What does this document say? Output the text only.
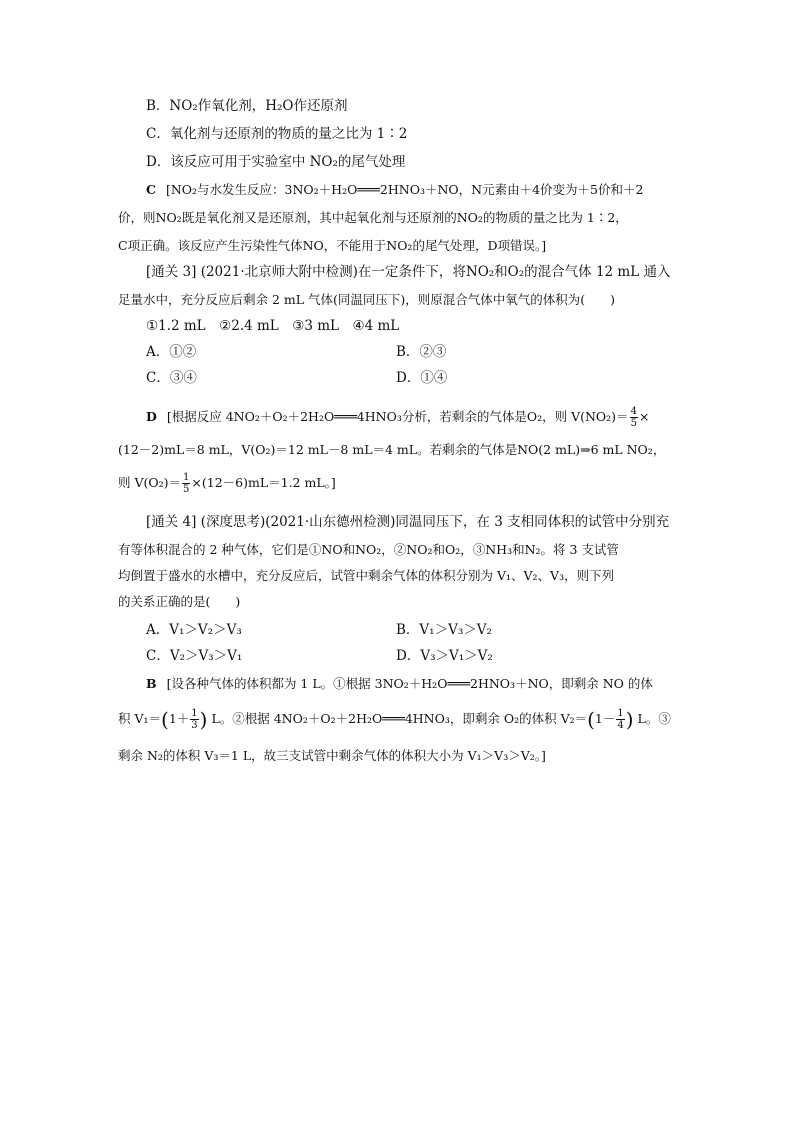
B．NO₂作氧化剂，H₂O作还原剂
C．氧化剂与还原剂的物质的量之比为 1∶2
D．该反应可用于实验室中 NO₂的尾气处理
C [NO₂与水发生反应：3NO₂＋H₂O═══2HNO₃＋NO，N元素由＋4价变为＋5价和＋2
价，则NO₂既是氧化剂又是还原剂，其中起氧化剂与还原剂的NO₂的物质的量之比为 1∶2，
C项正确。该反应产生污染性气体NO，不能用于NO₂的尾气处理，D项错误。]
[通关 3] (2021·北京师大附中检测)在一定条件下，将NO₂和O₂的混合气体 12 mL 通入
足量水中，充分反应后剩余 2 mL 气体(同温同压下)，则原混合气体中氧气的体积为(　　)
①1.2 mL　②2.4 mL　③3 mL　④4 mL
A．①②	B．②③
C．③④	D．①④
D [根据反应 4NO₂＋O₂＋2H₂O═══4HNO₃分析，若剩余的气体是O₂，则 $V(NO_2)= \frac{4}{5}$ ×
(12－2)mL＝8 mL，V(O₂)＝12 mL－8 mL＝4 mL。若剩余的气体是NO(2 mL)⇒6 mL NO₂，
则 $V(O_2)= \frac{1}{5} \times(12-6)mL=1.2$ mL。]
[通关 4] (深度思考)(2021·山东德州检测)同温同压下，在 3 支相同体积的试管中分别充
有等体积混合的 2 种气体，它们是①NO和NO₂，②NO₂和O₂，③NH₃和N₂。将 3 支试管
均倒置于盛水的水槽中，充分反应后，试管中剩余气体的体积分别为 V₁、V₂、V₃，则下列
的关系正确的是(　　)
A．V₁＞V₂＞V₃	B．V₁＞V₃＞V₂
C．V₂＞V₃＞V₁	D．V₃＞V₁＞V₂
B [设各种气体的体积都为 1 L。①根据 3NO₂＋H₂O═══2HNO₃＋NO，即剩余 NO 的体
积 $V_1=(1+ \frac{1}{3}$ ) L。②根据 4NO₂＋O₂＋2H₂O═══4HNO₃，即剩余 O₂的体积 $V_2=(1- \frac{1}{4}$ ) L。③
剩余 N₂的体积 V₃＝1 L，故三支试管中剩余气体的体积大小为 V₁＞V₃＞V₂。]
